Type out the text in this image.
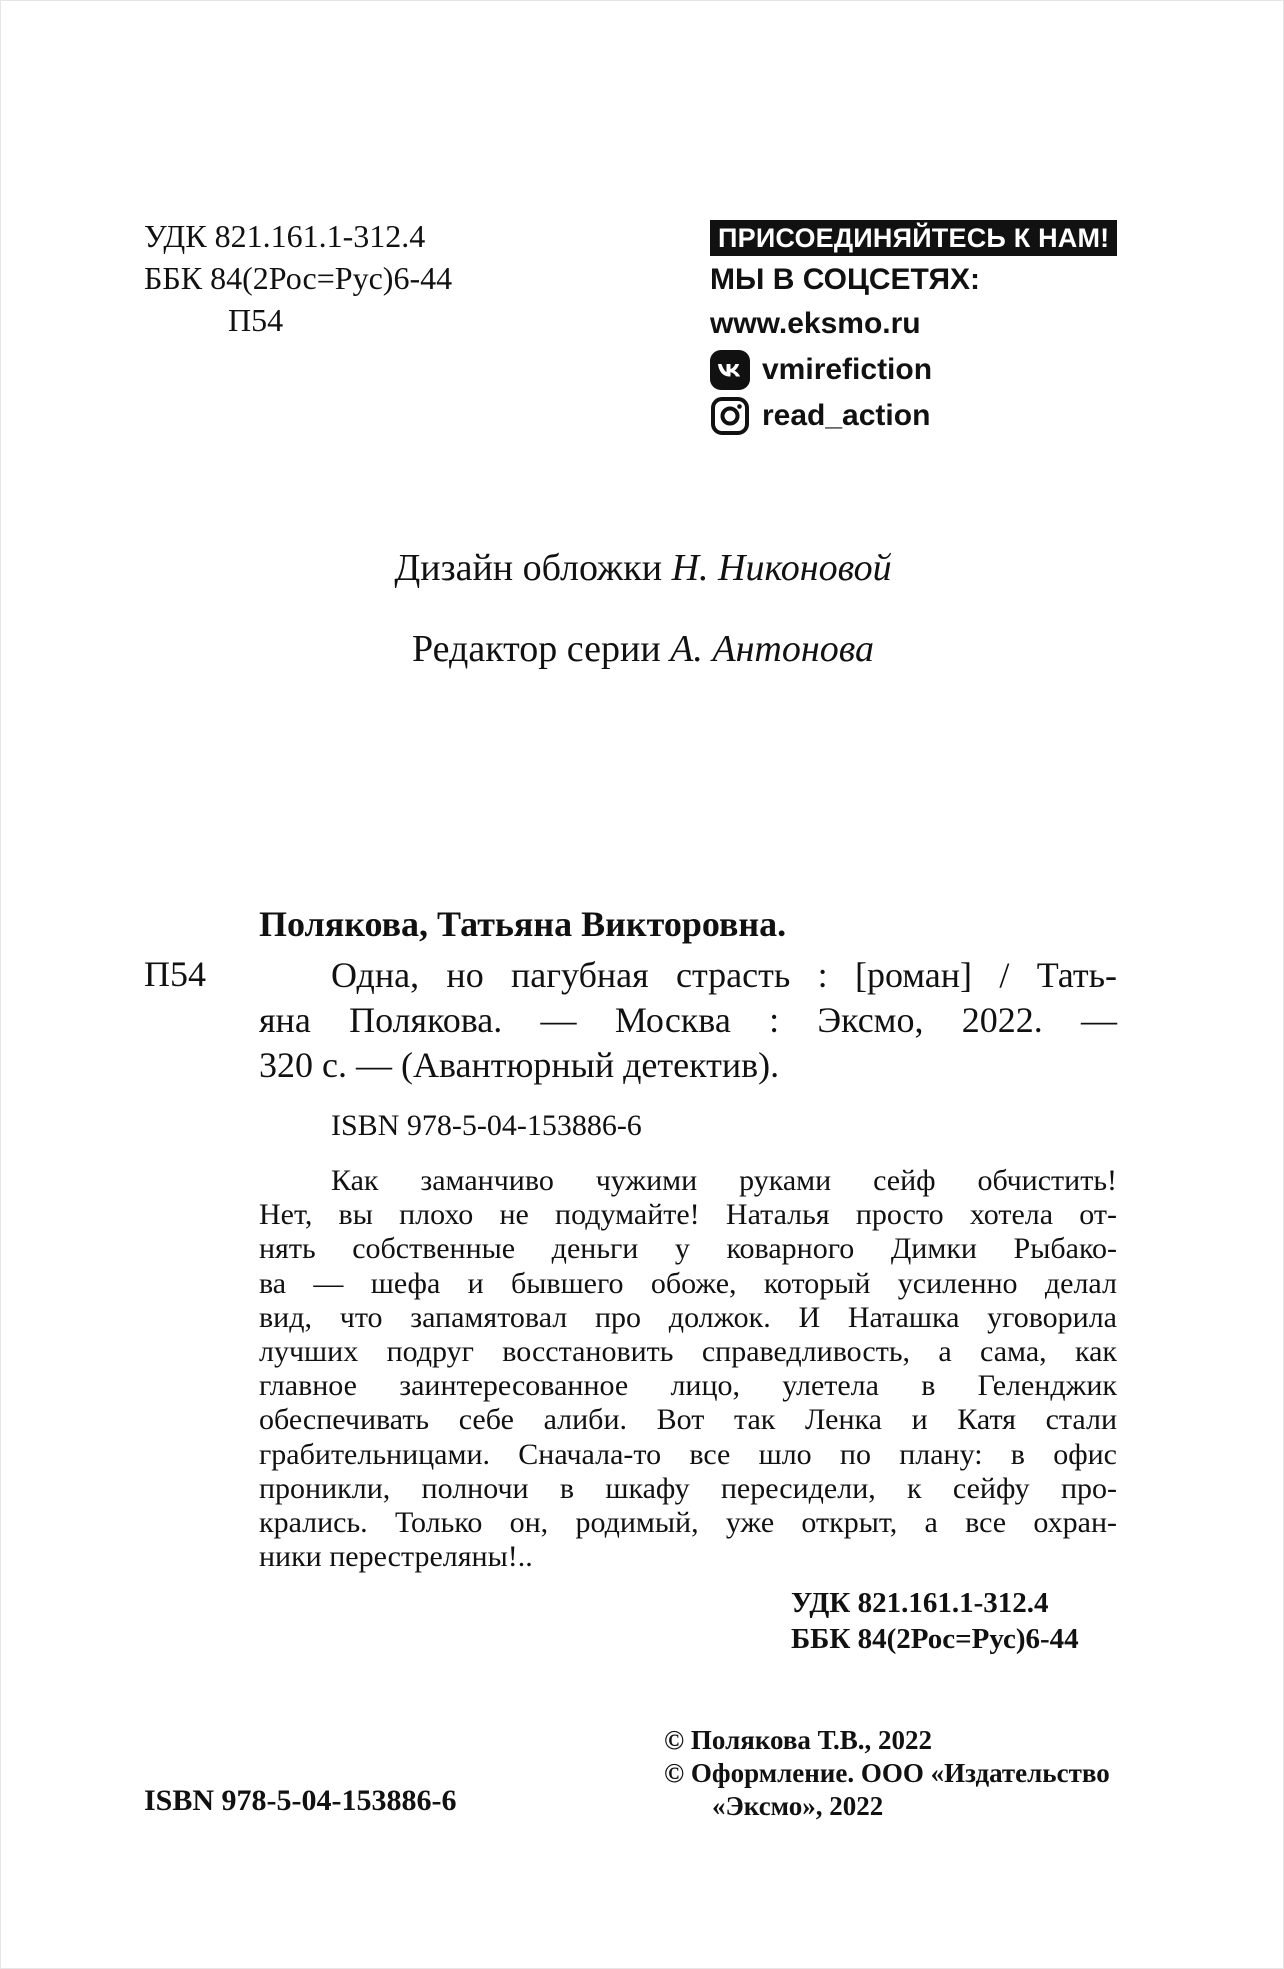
УДК 821.161.1-312.4
ББК 84(2Рос=Рус)6-44
П54
ПРИСОЕДИНЯЙТЕСЬ К НАМ!
МЫ В СОЦСЕТЯХ:
www.eksmo.ru
vmirefiction
read_action
Дизайн обложки Н. Никоновой
Редактор серии А. Антонова
Полякова, Татьяна Викторовна.
П54	Одна, но пагубная страсть : [роман] / Тать-
яна Полякова. — Москва : Эксмо, 2022. —
320 с. — (Авантюрный детектив).
ISBN 978-5-04-153886-6
Как заманчиво чужими руками сейф обчистить!
Нет, вы плохо не подумайте! Наталья просто хотела от-
нять собственные деньги у коварного Димки Рыбако-
ва — шефа и бывшего обоже, который усиленно делал
вид, что запамятовал про должок. И Наташка уговорила
лучших подруг восстановить справедливость, а сама, как
главное заинтересованное лицо, улетела в Геленджик
обеспечивать себе алиби. Вот так Ленка и Катя стали
грабительницами. Сначала-то все шло по плану: в офис
проникли, полночи в шкафу пересидели, к сейфу про-
крались. Только он, родимый, уже открыт, а все охран-
ники перестреляны!..
УДК 821.161.1-312.4
ББК 84(2Рос=Рус)6-44
ISBN 978-5-04-153886-6
© Полякова Т.В., 2022
© Оформление. ООО «Издательство
«Эксмо», 2022
